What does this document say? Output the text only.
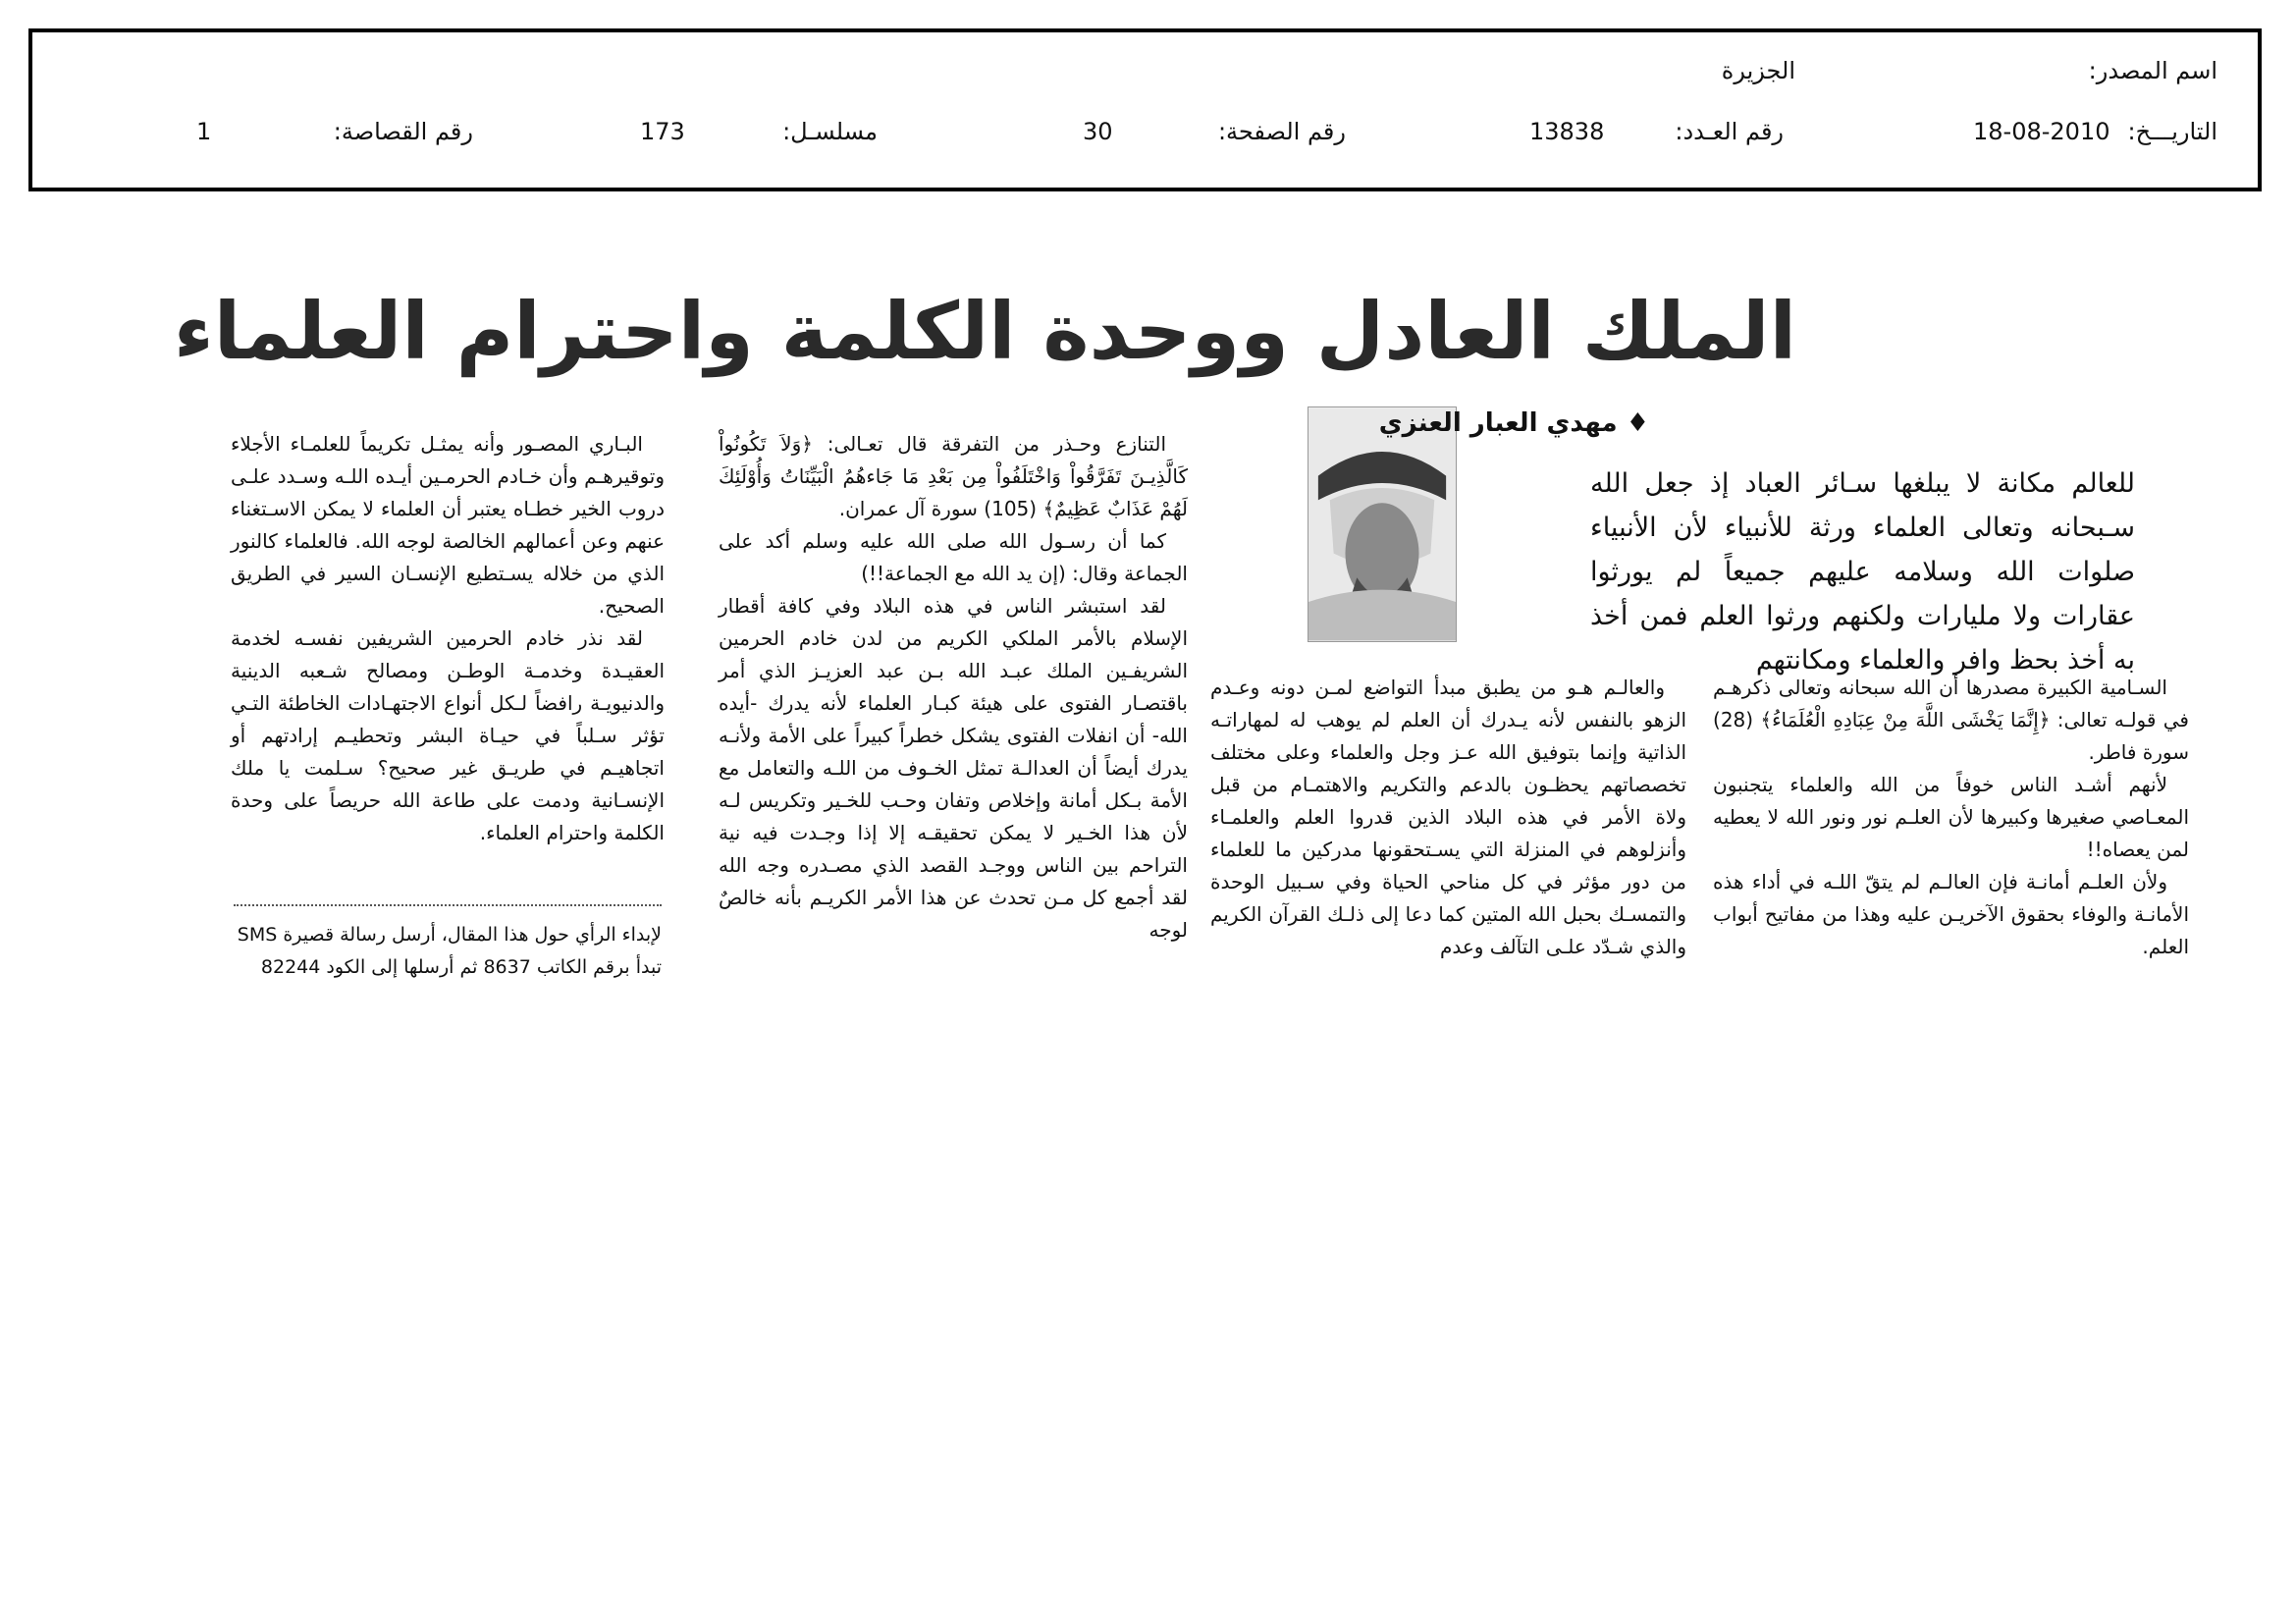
اسم المصدر:
الجزيرة
التاريـــخ:
18-08-2010
رقم العـدد:
13838
رقم الصفحة:
30
مسلسـل:
173
رقم القصاصة:
1
الملك العادل ووحدة الكلمة واحترام العلماء
♦ مهدي العبار العنزي
للعالم مكانة لا يبلغها سـائر العباد إذ جعل الله سـبحانه وتعالى العلماء ورثة للأنبياء لأن الأنبياء صلوات الله وسلامه عليهم جميعاً لم يورثوا عقارات ولا مليارات ولكنهم ورثوا العلم فمن أخذ به أخذ بحظ وافر والعلماء ومكانتهم

السـامية الكبيرة مصدرها أن الله سبحانه وتعالى ذكرهـم في قولـه تعالى: ﴿إِنَّمَا يَخْشَى اللَّهَ مِنْ عِبَادِهِ الْعُلَمَاءُ﴾ (28) سورة فاطر.

لأنهم أشـد الناس خوفاً من الله والعلماء يتجنبون المعـاصي صغيرها وكبيرها لأن العلـم نور ونور الله لا يعطيه لمن يعصاه!!

ولأن العلـم أمانـة فإن العالـم لم يتقّ اللـه في أداء هذه الأمانـة والوفاء بحقوق الآخريـن عليه وهذا من مفاتيح أبواب العلم.

والعالـم هـو من يطبق مبدأ التواضع لمـن دونه وعـدم الزهو بالنفس لأنه يـدرك أن العلم لم يوهب له لمهاراتـه الذاتية وإنما بتوفيق الله عـز وجل والعلماء وعلى مختلف تخصصاتهم يحظـون بالدعم والتكريم والاهتمـام من قبل ولاة الأمر في هذه البلاد الذين قدروا العلم والعلمـاء وأنزلوهم في المنزلة التي يسـتحقونها مدركين ما للعلماء من دور مؤثر في كل مناحي الحياة وفي سـبيل الوحدة والتمسـك بحبل الله المتين كما دعا إلى ذلـك القرآن الكريم والذي شـدّد علـى التآلف وعدم

التنازع وحـذر من التفرقة قال تعـالى: ﴿وَلاَ تَكُونُواْ كَالَّذِيـنَ تَفَرَّقُواْ وَاخْتَلَفُواْ مِن بَعْدِ مَا جَاءهُمُ الْبَيِّنَاتُ وَأُوْلَئِكَ لَهُمْ عَذَابٌ عَظِيمٌ﴾ (105) سورة آل عمران.

كما أن رسـول الله صلى الله عليه وسلم أكد على الجماعة وقال: (إن يد الله مع الجماعة!!)

لقد استبشر الناس في هذه البلاد وفي كافة أقطار الإسلام بالأمر الملكي الكريم من لدن خادم الحرمين الشريفـين الملك عبـد الله بـن عبد العزيـز الذي أمر باقتصـار الفتوى على هيئة كبـار العلماء لأنه يدرك -أيده الله- أن انفلات الفتوى يشكل خطراً كبيراً على الأمة ولأنـه يدرك أيضاً أن العدالـة تمثل الخـوف من اللـه والتعامل مع الأمة بـكل أمانة وإخلاص وتفان وحـب للخـير وتكريس لـه لأن هذا الخـير لا يمكن تحقيقـه إلا إذا وجـدت فيه نية التراحم بين الناس ووجـد القصد الذي مصـدره وجه الله لقد أجمع كل مـن تحدث عن هذا الأمر الكريـم بأنه خالصٌ لوجه

البـاري المصـور وأنه يمثـل تكريماً للعلمـاء الأجلاء وتوقيرهـم وأن خـادم الحرمـين أيـده اللـه وسـدد علـى دروب الخير خطـاه يعتبر أن العلماء لا يمكن الاسـتغناء عنهم وعن أعمالهم الخالصة لوجه الله. فالعلماء كالنور الذي من خلاله يسـتطيع الإنسـان السير في الطريق الصحيح.

لقد نذر خادم الحرمين الشريفين نفسـه لخدمة العقيـدة وخدمـة الوطـن ومصالح شـعبه الدينية والدنيويـة رافضاً لـكل أنواع الاجتهـادات الخاطئة التـي تؤثر سـلباً في حيـاة البشر وتحطيـم إرادتهم أو اتجاهيـم في طريـق غير صحيح؟ سـلمت يا ملك الإنسـانية ودمت على طاعة الله حريصاً على وحدة الكلمة واحترام العلماء.

لإبداء الرأي حول هذا المقال، أرسل رسالة قصيرة SMS
تبدأ برقم الكاتب 8637 ثم أرسلها إلى الكود 82244
